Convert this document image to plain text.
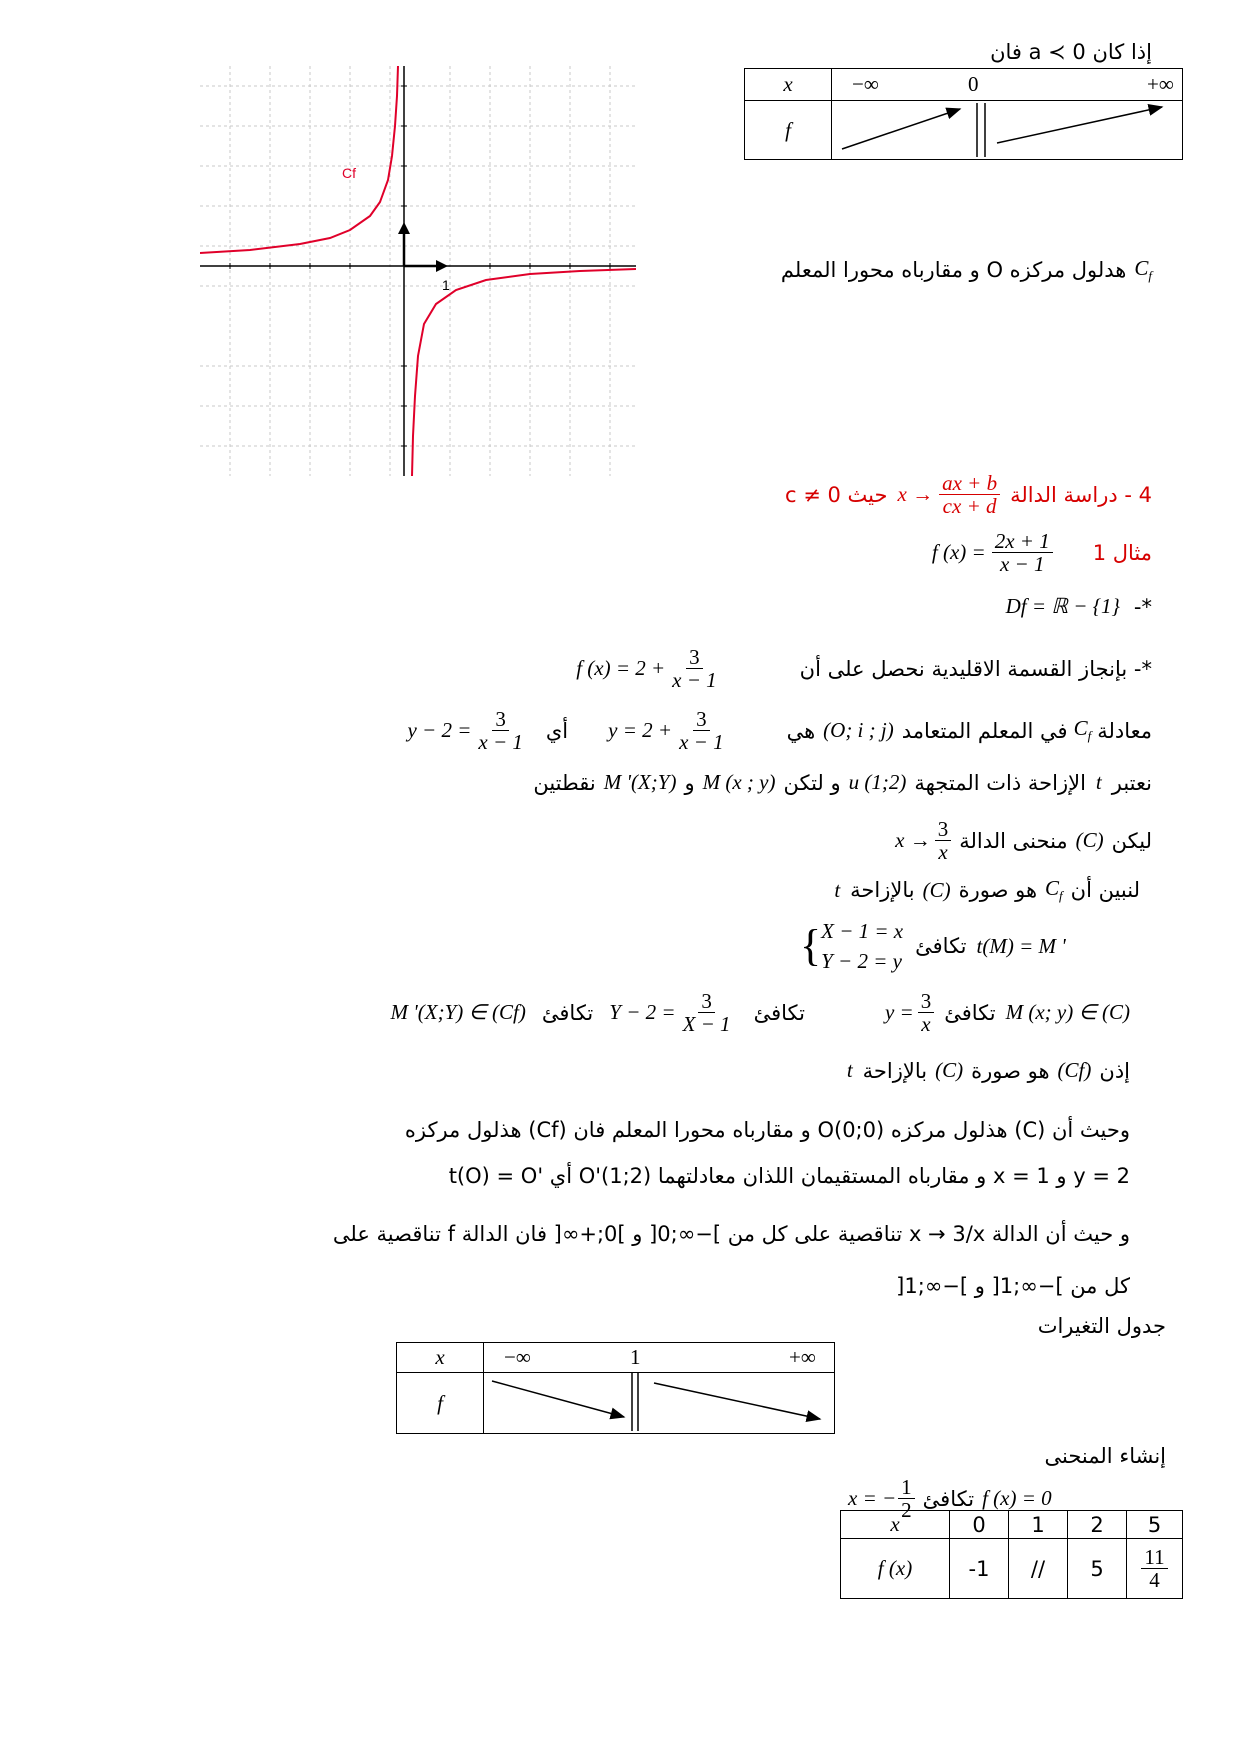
إذا كان a ≺ 0 فان
x	−∞ 0 +∞

f	
Cf
1
$C_f$
هدلول مركزه O و مقارباه محورا المعلم
4 - دراسة الدالة
$x \to \frac{ax + b}{cx + d}$
حيث c ≠ 0
مثال 1
f $(x) = \frac{2x + 1}{x - 1}$
-*
Df = ℝ − {1}
*- بإنجاز القسمة الاقليدية نحصل على أن
f $(x) = 2 + \frac{3}{x - 1}$
معادلة
$C_f$
في المعلم المتعامد
(O; i ; j)
هي
$y = 2 + \frac{3}{x - 1}$
أي
$y - 2 = \frac{3}{x - 1}$
نعتبر
t
الإزاحة ذات المتجهة
u (1;2)
و لتكن
M (x ; y)
و
M '(X;Y)
نقطتين
ليكن
(C)
منحنى الدالة
$x \to \frac{3}{x}$
لنبين أن
$C_f$
هو صورة
(C)
بالإزاحة
t
{ X − 1 = x
Y − 2 = y
تكافئ t(M) = M '
M (x; y) ∈ (C)
تكافئ
$y = \frac{3}{x}$
تكافئ
$Y - 2 = \frac{3}{X - 1}$
تكافئ
M '(X;Y) ∈ (Cf)
إذن
(Cf)
هو صورة
(C)
بالإزاحة
t
وحيث أن (C) هذلول مركزه O(0;0) و مقارباه محورا المعلم فان (Cf) هذلول مركزه
t(O) = O' أي O'(1;2) و مقارباه المستقيمان اللذان معادلتهما x = 1 و y = 2
و حيث أن الدالة x → 3/x تناقصية على كل من ]−∞;0[ و ]0;+∞[ فان الدالة f تناقصية على
كل من ]−∞;1[ و ]−∞;1[
جدول التغيرات
x	−∞ 1 +∞

f	
إنشاء المنحنى
x = − $\frac{1}{2}$ تكافئ f (x) = 0
x	0	1	2	5
f (x)	-1	//	5	$\frac{11}{4}$
